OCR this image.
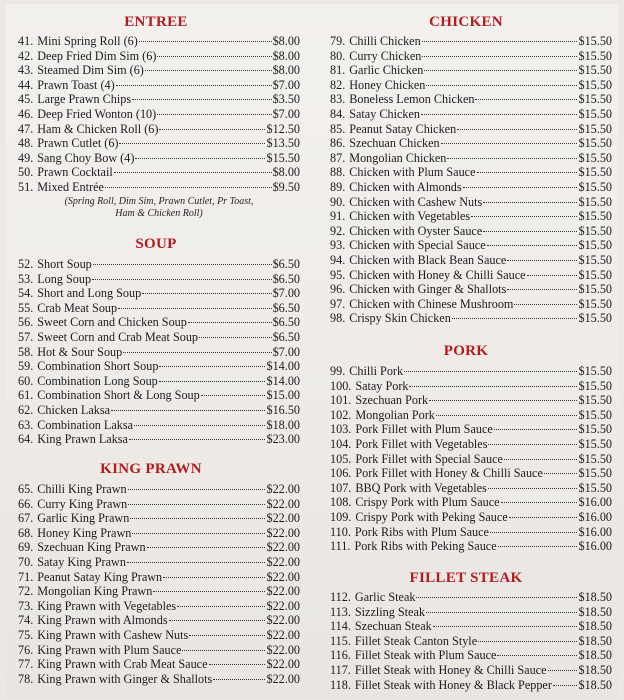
ENTREE
41. Mini Spring Roll (6)	$8.00
42. Deep Fried Dim Sim (6)	$8.00
43. Steamed Dim Sim (6)	$8.00
44. Prawn Toast (4)	$7.00
45. Large Prawn Chips	$3.50
46. Deep Fried Wonton (10)	$7.00
47. Ham & Chicken Roll (6)	$12.50
48. Prawn Cutlet (6)	$13.50
49. Sang Choy Bow (4)	$15.50
50. Prawn Cocktail	$8.00
51. Mixed Entrée	$9.50
(Spring Roll, Dim Sim, Prawn Cutlet, Pr Toast,
Ham & Chicken Roll)
SOUP
52. Short Soup	$6.50
53. Long Soup	$6.50
54. Short and Long Soup	$7.00
55. Crab Meat Soup	$6.50
56. Sweet Corn and Chicken Soup	$6.50
57. Sweet Corn and Crab Meat Soup	$6.50
58. Hot & Sour Soup	$7.00
59. Combination Short Soup	$14.00
60. Combination Long Soup	$14.00
61. Combination Short & Long Soup	$15.00
62. Chicken Laksa	$16.50
63. Combination Laksa	$18.00
64. King Prawn Laksa	$23.00
KING PRAWN
65. Chilli King Prawn	$22.00
66. Curry King Prawn	$22.00
67. Garlic King Prawn	$22.00
68. Honey King Prawn	$22.00
69. Szechuan King Prawn	$22.00
70. Satay King Prawn	$22.00
71. Peanut Satay King Prawn	$22.00
72. Mongolian King Prawn	$22.00
73. King Prawn with Vegetables	$22.00
74. King Prawn with Almonds	$22.00
75. King Prawn with Cashew Nuts	$22.00
76. King Prawn with Plum Sauce	$22.00
77. King Prawn with Crab Meat Sauce	$22.00
78. King Prawn with Ginger & Shallots	$22.00
CHICKEN
79. Chilli Chicken	$15.50
80. Curry Chicken	$15.50
81. Garlic Chicken	$15.50
82. Honey Chicken	$15.50
83. Boneless Lemon Chicken	$15.50
84. Satay Chicken	$15.50
85. Peanut Satay Chicken	$15.50
86. Szechuan Chicken	$15.50
87. Mongolian Chicken	$15.50
88. Chicken with Plum Sauce	$15.50
89. Chicken with Almonds	$15.50
90. Chicken with Cashew Nuts	$15.50
91. Chicken with Vegetables	$15.50
92. Chicken with Oyster Sauce	$15.50
93. Chicken with Special Sauce	$15.50
94. Chicken with Black Bean Sauce	$15.50
95. Chicken with Honey & Chilli Sauce	$15.50
96. Chicken with Ginger & Shallots	$15.50
97. Chicken with Chinese Mushroom	$15.50
98. Crispy Skin Chicken	$15.50
PORK
99. Chilli Pork	$15.50
100. Satay Pork	$15.50
101. Szechuan Pork	$15.50
102. Mongolian Pork	$15.50
103. Pork Fillet with Plum Sauce	$15.50
104. Pork Fillet with Vegetables	$15.50
105. Pork Fillet with Special Sauce	$15.50
106. Pork Fillet with Honey & Chilli Sauce	$15.50
107. BBQ Pork with Vegetables	$15.50
108. Crispy Pork with Plum Sauce	$16.00
109. Crispy Pork with Peking Sauce	$16.00
110. Pork Ribs with Plum Sauce	$16.00
111. Pork Ribs with Peking Sauce	$16.00
FILLET STEAK
112. Garlic Steak	$18.50
113. Sizzling Steak	$18.50
114. Szechuan Steak	$18.50
115. Fillet Steak Canton Style	$18.50
116. Fillet Steak with Plum Sauce	$18.50
117. Fillet Steak with Honey & Chilli Sauce	$18.50
118. Fillet Steak with Honey & Black Pepper $18.50
